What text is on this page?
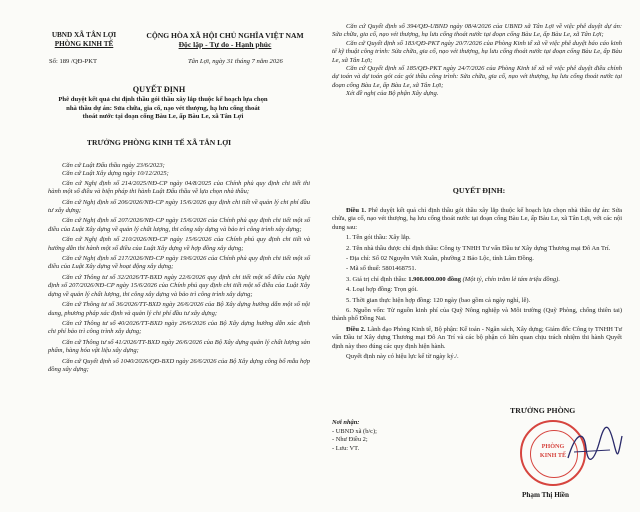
UBND XÃ TÂN LỢI
PHÒNG KINH TẾ
Số: 189 /QĐ-PKT
CỘNG HÒA XÃ HỘI CHỦ NGHĨA VIỆT NAM
Độc lập - Tự do - Hạnh phúc
Tân Lợi, ngày 31 tháng 7 năm 2026
QUYẾT ĐỊNH
Phê duyệt kết quả chỉ định thầu gói thầu xây lắp thuộc kế hoạch lựa chọn
nhà thầu dự án: Sửa chữa, gia cố, nạo vét thượng, hạ lưu cống thoát
thoát nước tại đoạn cống Bàu Le, ấp Bàu Le, xã Tân Lợi
TRƯỞNG PHÒNG KINH TẾ XÃ TÂN LỢI
Căn cứ Luật Đấu thầu ngày 23/6/2023;
Căn cứ Luật Xây dựng ngày 10/12/2025;
Căn cứ Nghị định số 214/2025/NĐ-CP ngày 04/8/2025 của Chính phủ quy định chi tiết thi hành một số điều và biện pháp thi hành Luật Đấu thầu về lựa chọn nhà thầu;
Căn cứ Nghị định số 206/2026/NĐ-CP ngày 15/6/2026 quy định chi tiết về quản lý chi phí đầu tư xây dựng;
Căn cứ Nghị định số 207/2026/NĐ-CP ngày 15/6/2026 của Chính phủ quy định chi tiết một số điều của Luật Xây dựng về quản lý chất lượng, thi công xây dựng và bảo trì công trình xây dựng;
Căn cứ Nghị định số 210/2026/NĐ-CP ngày 15/6/2026 của Chính phủ quy định chi tiết và hướng dẫn thi hành một số điều của Luật Xây dựng về hợp đồng xây dựng;
Căn cứ Nghị định số 217/2026/NĐ-CP ngày 19/6/2026 của Chính phủ quy định chi tiết một số điều của Luật Xây dựng về hoạt động xây dựng;
Căn cứ Thông tư số 32/2026/TT-BXD ngày 22/6/2026 quy định chi tiết một số điều của Nghị định số 207/2026/NĐ-CP ngày 15/6/2026 của Chính phủ quy định chi tiết một số điều của Luật Xây dựng về quản lý chất lượng, thi công xây dựng và bảo trì công trình xây dựng;
Căn cứ Thông tư số 36/2026/TT-BXD ngày 26/6/2026 của Bộ Xây dựng hướng dẫn một số nội dung, phương pháp xác định và quản lý chi phí đầu tư xây dựng;
Căn cứ Thông tư số 40/2026/TT-BXD ngày 26/6/2026 của Bộ Xây dựng hướng dẫn xác định chi phí bảo trì công trình xây dựng;
Căn cứ Thông tư số 41/2026/TT-BXD ngày 26/6/2026 của Bộ Xây dựng quản lý chất lượng sản phẩm, hàng hóa vật liệu xây dựng;
Căn cứ Quyết định số 1040/2026/QĐ-BXD ngày 26/6/2026 của Bộ Xây dựng công bố mẫu hợp đồng xây dựng;
Căn cứ Quyết định số 394/QĐ-UBND ngày 08/4/2026 của UBND xã Tân Lợi về việc phê duyệt dự án: Sửa chữa, gia cố, nạo vét thượng, hạ lưu cống thoát nước tại đoạn cống Bàu Le, ấp Bàu Le, xã Tân Lợi;
Căn cứ Quyết định số 183/QĐ-PKT ngày 20/7/2026 của Phòng Kinh tế xã về việc phê duyệt báo cáo kinh tế kỹ thuật công trình: Sửa chữa, gia cố, nạo vét thượng, hạ lưu cống thoát nước tại đoạn cống Bàu Le, ấp Bàu Le, xã Tân Lợi;
Căn cứ Quyết định số 185/QĐ-PKT ngày 24/7/2026 của Phòng Kinh tế xã về việc phê duyệt điều chỉnh dự toán và dự toán gói các gói thầu công trình: Sửa chữa, gia cố, nạo vét thượng, hạ lưu cống thoát nước tại đoạn cống Bàu Le, ấp Bàu Le, xã Tân Lợi;
Xét đề nghị của Bộ phận Xây dựng.
QUYẾT ĐỊNH:
Điều 1. Phê duyệt kết quả chỉ định thầu gói thầu xây lắp thuộc kế hoạch lựa chọn nhà thầu dự án: Sửa chữa, gia cố, nạo vét thượng, hạ lưu cống thoát nước tại đoạn cống Bàu Le, ấp Bàu Le, xã Tân Lợi, với các nội dung sau:
1. Tên gói thầu: Xây lắp.
2. Tên nhà thầu được chỉ định thầu: Công ty TNHH Tư vấn Đầu tư Xây dựng Thương mại Đô An Trí.
- Địa chỉ: Số 02 Nguyễn Viết Xuân, phường 2 Bảo Lộc, tỉnh Lâm Đồng.
- Mã số thuế: 5801468751.
3. Giá trị chỉ định thầu: 1.908.000.000 đồng (Một tỷ, chín trăm lẻ tám triệu đồng).
4. Loại hợp đồng: Trọn gói.
5. Thời gian thực hiện hợp đồng: 120 ngày (bao gồm cả ngày nghỉ, lễ).
6. Nguồn vốn: Từ nguồn kinh phí của Quỹ Nông nghiệp và Môi trường (Quỹ Phòng, chống thiên tai) thành phố Đồng Nai.
Điều 2. Lãnh đạo Phòng Kinh tế, Bộ phận: Kế toán - Ngân sách, Xây dựng; Giám đốc Công ty TNHH Tư vấn Đầu tư Xây dựng Thương mại Đô An Trí và các bộ phận có liên quan chịu trách nhiệm thi hành Quyết định này theo đúng các quy định hiện hành.
Quyết định này có hiệu lực kể từ ngày ký./.
Nơi nhận:
- UBND xã (b/c);
- Như Điều 2;
- Lưu: VT.
TRƯỞNG PHÒNG
PHÒNG
KINH TẾ
Phạm Thị Hiền
